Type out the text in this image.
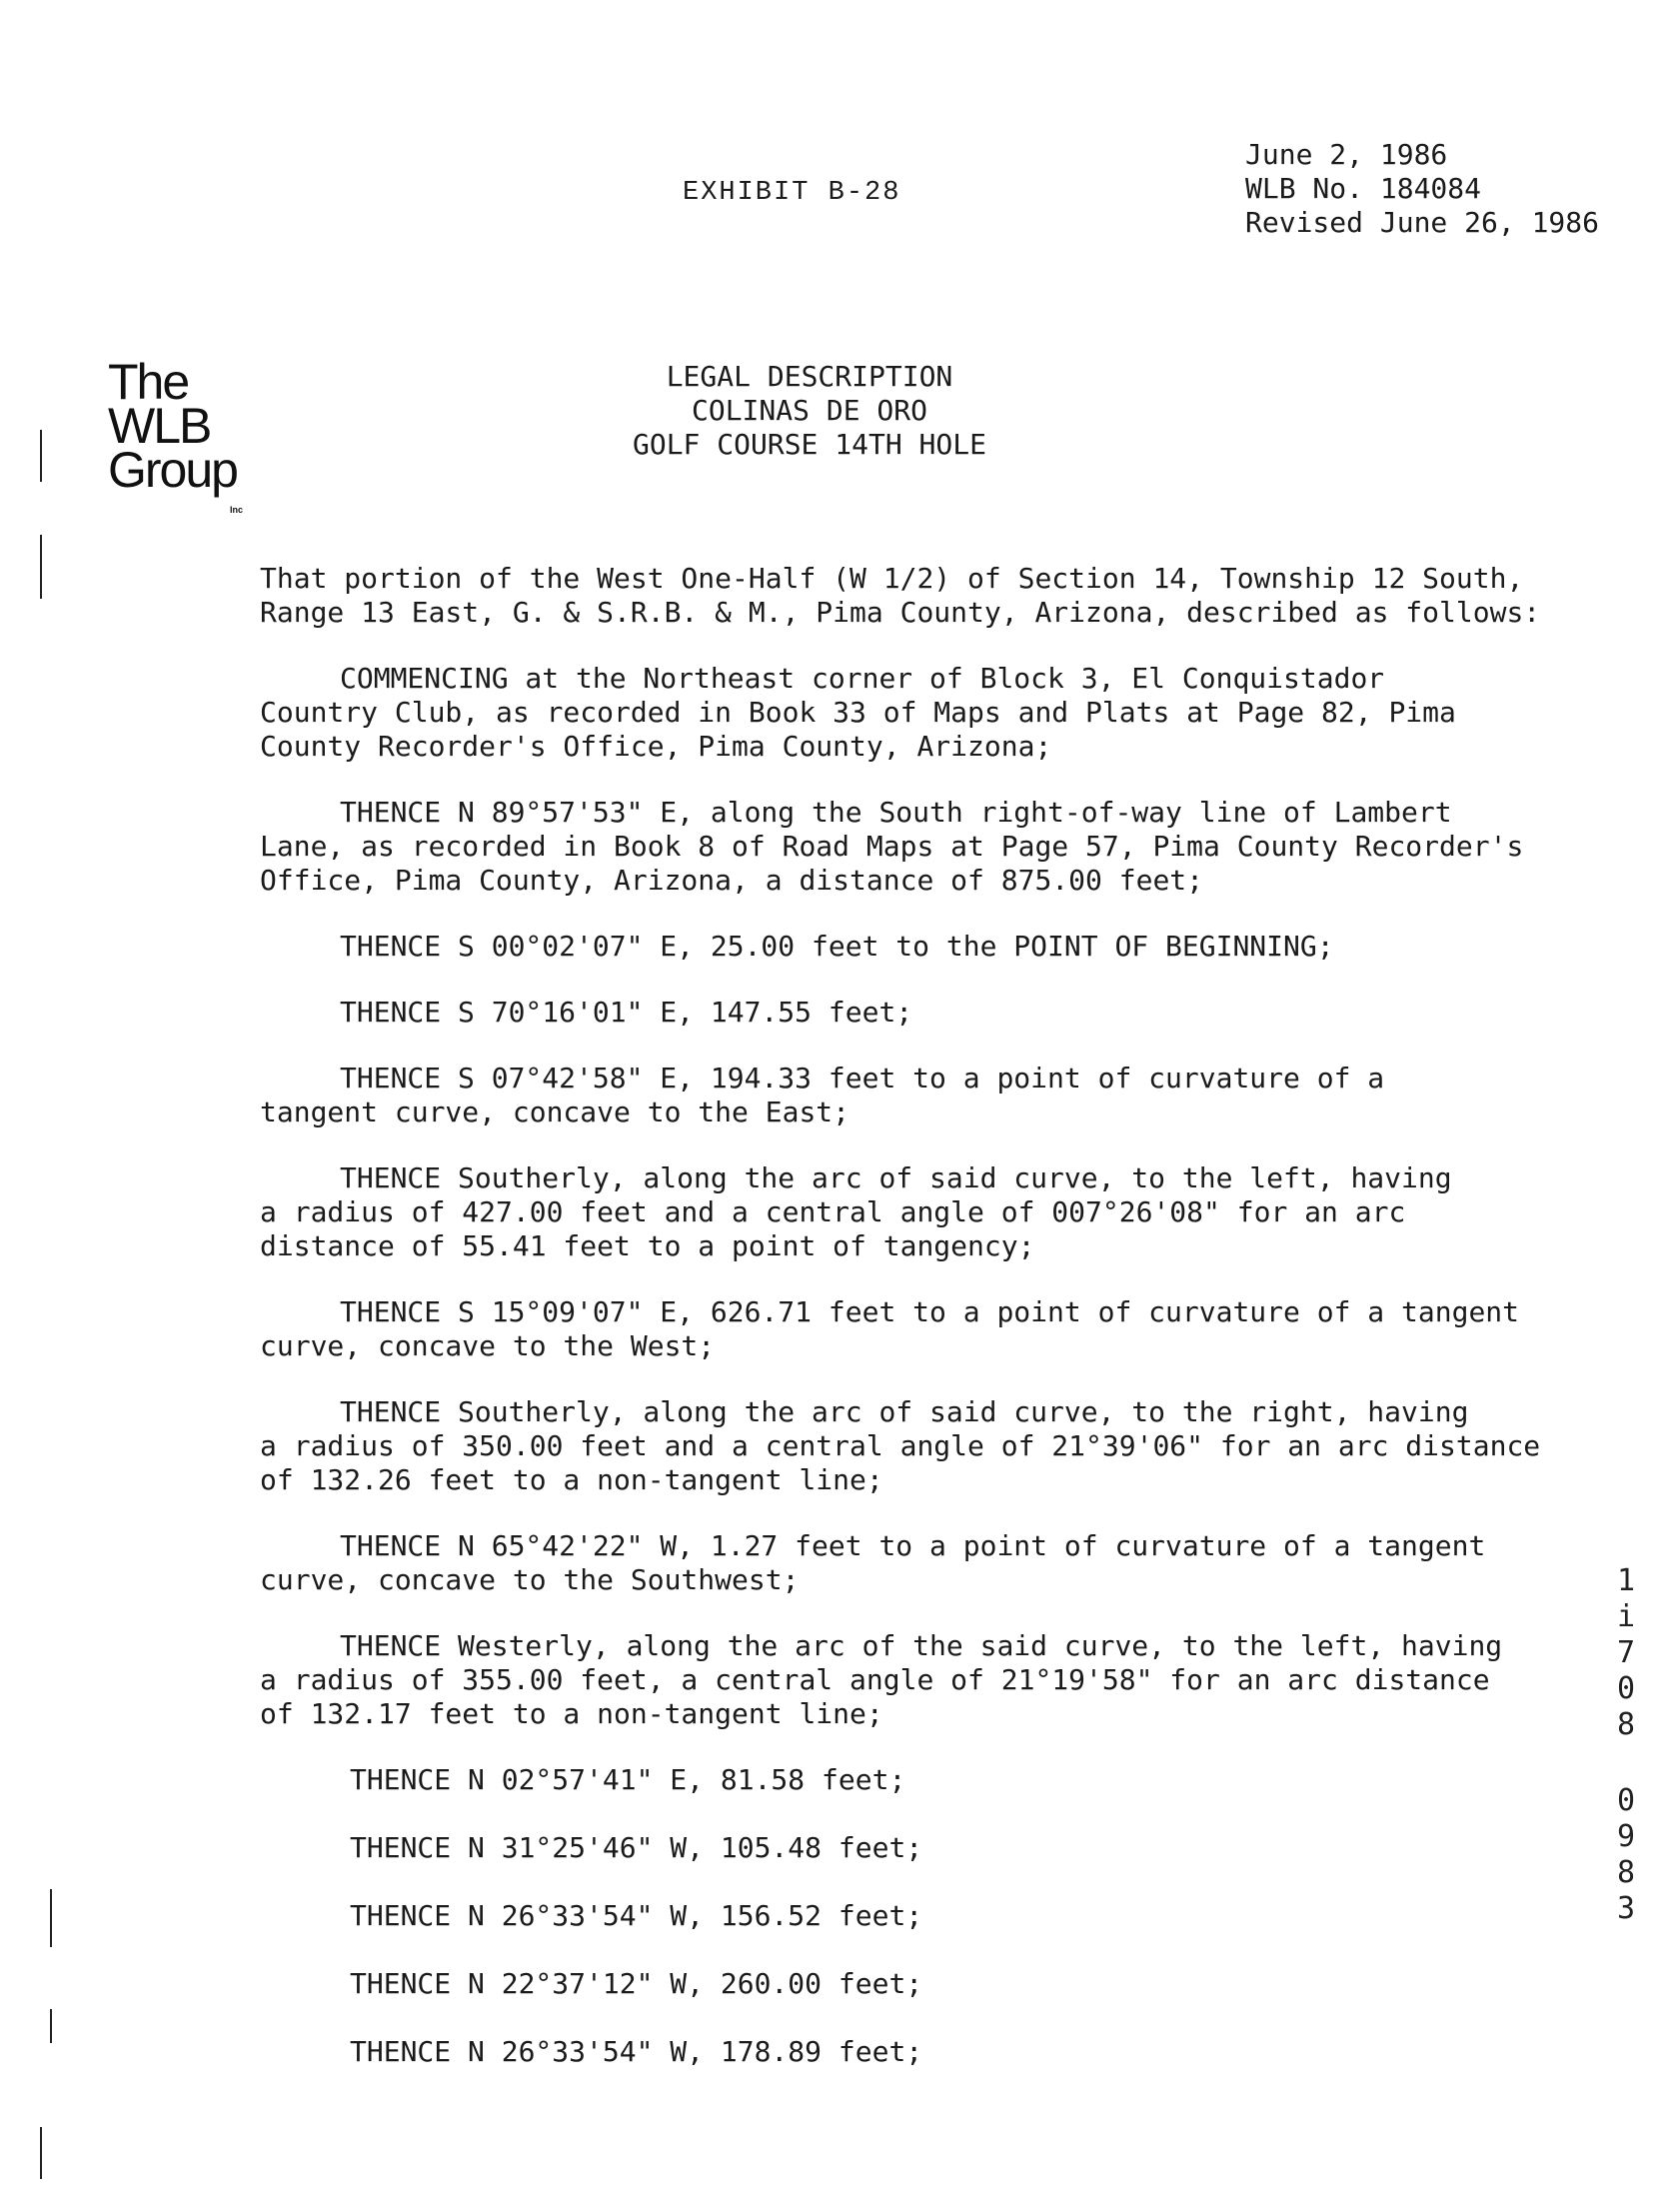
EXHIBIT B-28
June 2, 1986
WLB No. 184084
Revised June 26, 1986
The
WLB
Group
Inc
LEGAL DESCRIPTION
COLINAS DE ORO
GOLF COURSE 14TH HOLE

That portion of the West One-Half (W 1/2) of Section 14, Township 12 South,
Range 13 East, G. & S.R.B. & M., Pima County, Arizona, described as follows:

COMMENCING at the Northeast corner of Block 3, El Conquistador
Country Club, as recorded in Book 33 of Maps and Plats at Page 82, Pima
County Recorder's Office, Pima County, Arizona;

THENCE N 89°57'53" E, along the South right-of-way line of Lambert
Lane, as recorded in Book 8 of Road Maps at Page 57, Pima County Recorder's
Office, Pima County, Arizona, a distance of 875.00 feet;

THENCE S 00°02'07" E, 25.00 feet to the POINT OF BEGINNING;

THENCE S 70°16'01" E, 147.55 feet;

THENCE S 07°42'58" E, 194.33 feet to a point of curvature of a
tangent curve, concave to the East;

THENCE Southerly, along the arc of said curve, to the left, having
a radius of 427.00 feet and a central angle of 007°26'08" for an arc
distance of 55.41 feet to a point of tangency;

THENCE S 15°09'07" E, 626.71 feet to a point of curvature of a tangent
curve, concave to the West;

THENCE Southerly, along the arc of said curve, to the right, having
a radius of 350.00 feet and a central angle of 21°39'06" for an arc distance
of 132.26 feet to a non-tangent line;

THENCE N 65°42'22" W, 1.27 feet to a point of curvature of a tangent
curve, concave to the Southwest;

THENCE Westerly, along the arc of the said curve, to the left, having
a radius of 355.00 feet, a central angle of 21°19'58" for an arc distance
of 132.17 feet to a non-tangent line;

THENCE N 02°57'41" E, 81.58 feet;
THENCE N 31°25'46" W, 105.48 feet;
THENCE N 26°33'54" W, 156.52 feet;
THENCE N 22°37'12" W, 260.00 feet;
THENCE N 26°33'54" W, 178.89 feet;
1
i
7
0
8
0
9
8
3
